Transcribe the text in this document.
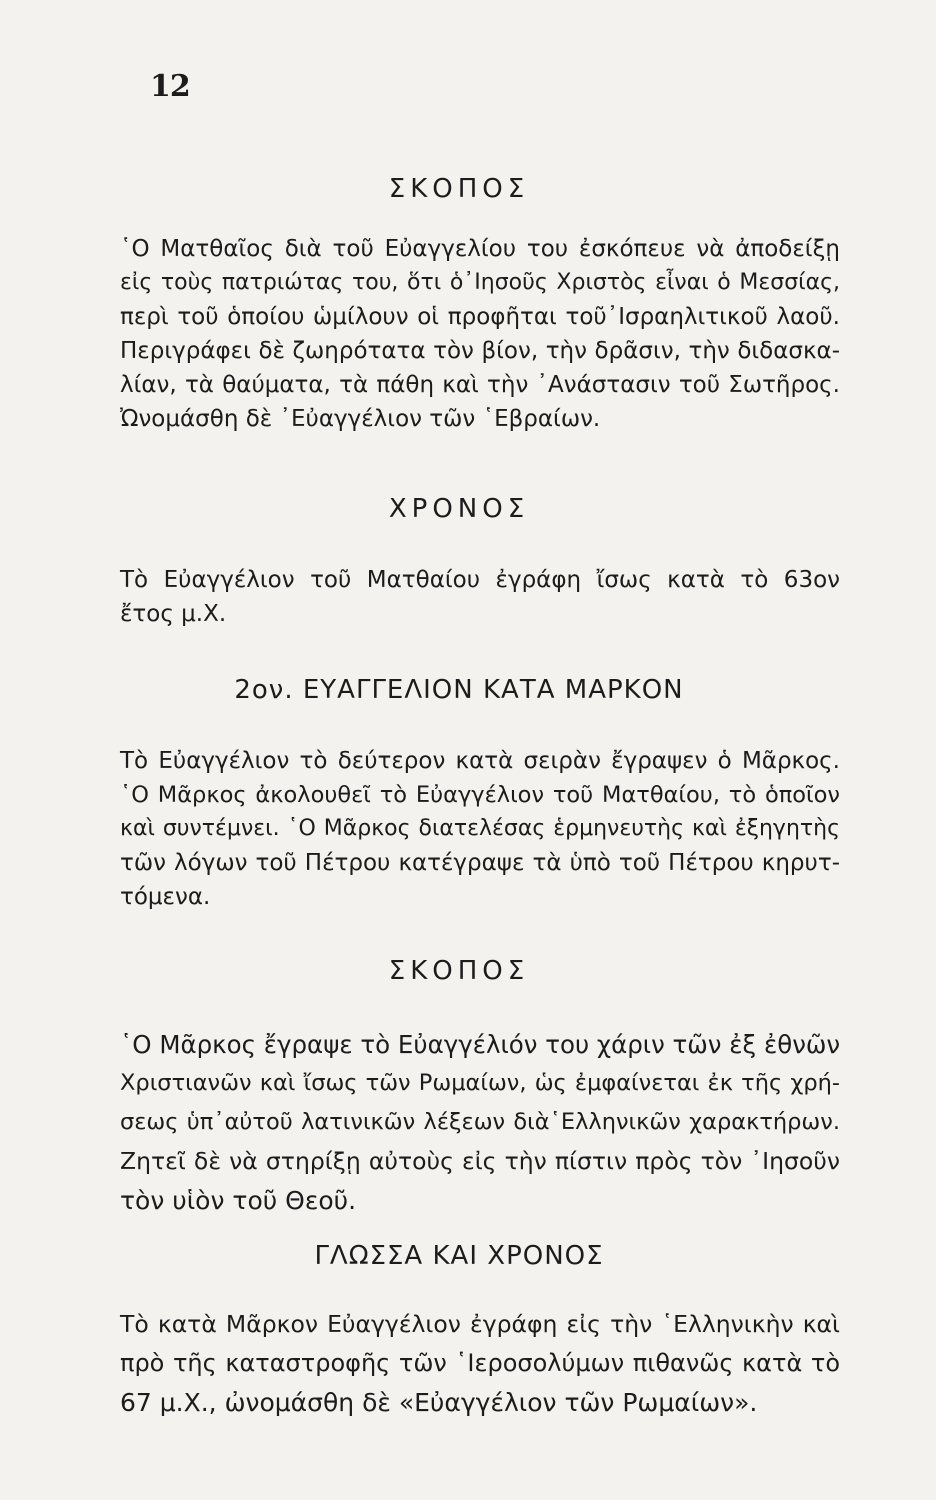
12
ΣΚΟΠΟΣ
῾Ο Ματθαῖος διὰ τοῦ Εὐαγγελίου του ἐσκόπευε νὰ ἀποδείξῃ
εἰς τοὺς πατριώτας του, ὅτι ὁ᾿Ιησοῦς Χριστὸς εἶναι ὁ Μεσσίας,
περὶ τοῦ ὁποίου ὡμίλουν οἱ προφῆται τοῦ᾿Ισραηλιτικοῦ λαοῦ.
Περιγράφει δὲ ζωηρότατα τὸν βίον, τὴν δρᾶσιν, τὴν διδασκα-
λίαν, τὰ θαύματα, τὰ πάθη καὶ τὴν ᾿Ανάστασιν τοῦ Σωτῆρος.
Ὠνομάσθη δὲ ᾿Εὐαγγέλιον τῶν ῾Εβραίων.
ΧΡΟΝΟΣ
Τὸ Εὐαγγέλιον τοῦ Ματθαίου ἐγράφη ἴσως κατὰ τὸ 63ον
ἔτος μ.Χ.
2ον. ΕΥΑΓΓΕΛΙΟΝ ΚΑΤΑ ΜΑΡΚΟΝ
Τὸ Εὐαγγέλιον τὸ δεύτερον κατὰ σειρὰν ἔγραψεν ὁ Μᾶρκος.
῾Ο Μᾶρκος ἀκολουθεῖ τὸ Εὐαγγέλιον τοῦ Ματθαίου, τὸ ὁποῖον
καὶ συντέμνει. ῾Ο Μᾶρκος διατελέσας ἑρμηνευτὴς καὶ ἐξηγητὴς
τῶν λόγων τοῦ Πέτρου κατέγραψε τὰ ὑπὸ τοῦ Πέτρου κηρυτ-
τόμενα.
ΣΚΟΠΟΣ
῾Ο Μᾶρκος ἔγραψε τὸ Εὐαγγέλιόν του χάριν τῶν ἐξ ἐθνῶν
Χριστιανῶν καὶ ἴσως τῶν Ρωμαίων, ὡς ἐμφαίνεται ἐκ τῆς χρή-
σεως ὑπ᾿αὐτοῦ λατινικῶν λέξεων διὰ῾Ελληνικῶν χαρακτήρων.
Ζητεῖ δὲ νὰ στηρίξῃ αὐτοὺς εἰς τὴν πίστιν πρὸς τὸν ᾿Ιησοῦν
τὸν υἱὸν τοῦ Θεοῦ.
ΓΛΩΣΣΑ ΚΑΙ ΧΡΟΝΟΣ
Τὸ κατὰ Μᾶρκον Εὐαγγέλιον ἐγράφη εἰς τὴν ῾Ελληνικὴν καὶ
πρὸ τῆς καταστροφῆς τῶν ῾Ιεροσολύμων πιθανῶς κατὰ τὸ
67 μ.Χ., ὠνομάσθη δὲ «Εὐαγγέλιον τῶν Ρωμαίων».
